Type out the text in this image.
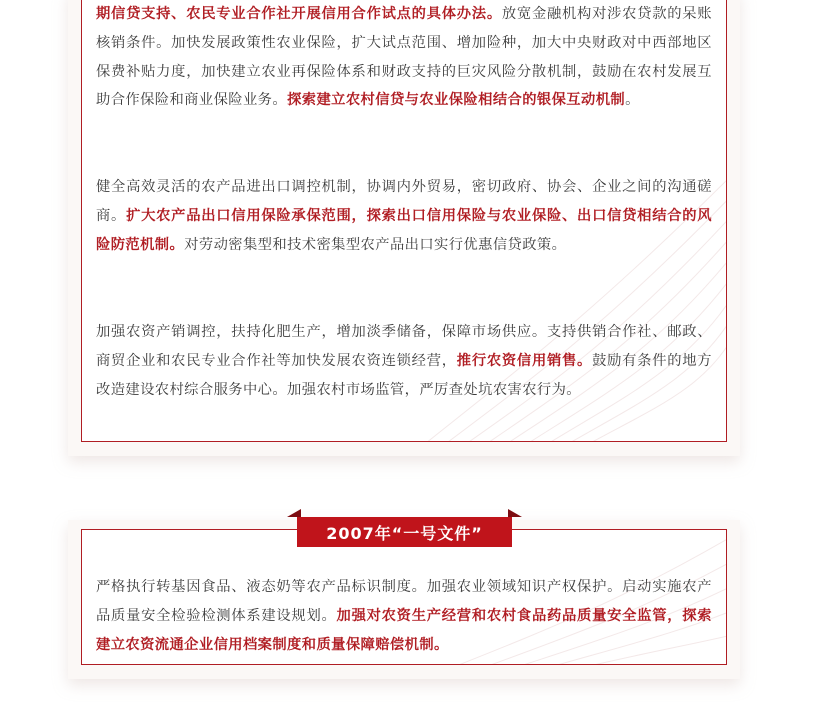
期信贷支持、农民专业合作社开展信用合作试点的具体办法。放宽金融机构对涉农贷款的呆账核销条件。加快发展政策性农业保险，扩大试点范围、增加险种，加大中央财政对中西部地区保费补贴力度，加快建立农业再保险体系和财政支持的巨灾风险分散机制，鼓励在农村发展互助合作保险和商业保险业务。探索建立农村信贷与农业保险相结合的银保互动机制。

健全高效灵活的农产品进出口调控机制，协调内外贸易，密切政府、协会、企业之间的沟通磋商。扩大农产品出口信用保险承保范围，探索出口信用保险与农业保险、出口信贷相结合的风险防范机制。对劳动密集型和技术密集型农产品出口实行优惠信贷政策。

加强农资产销调控，扶持化肥生产，增加淡季储备，保障市场供应。支持供销合作社、邮政、商贸企业和农民专业合作社等加快发展农资连锁经营，推行农资信用销售。鼓励有条件的地方改造建设农村综合服务中心。加强农村市场监管，严厉查处坑农害农行为。

严格执行转基因食品、液态奶等农产品标识制度。加强农业领域知识产权保护。启动实施农产品质量安全检验检测体系建设规划。加强对农资生产经营和农村食品药品质量安全监管，探索建立农资流通企业信用档案制度和质量保障赔偿机制。

2007年“一号文件”
